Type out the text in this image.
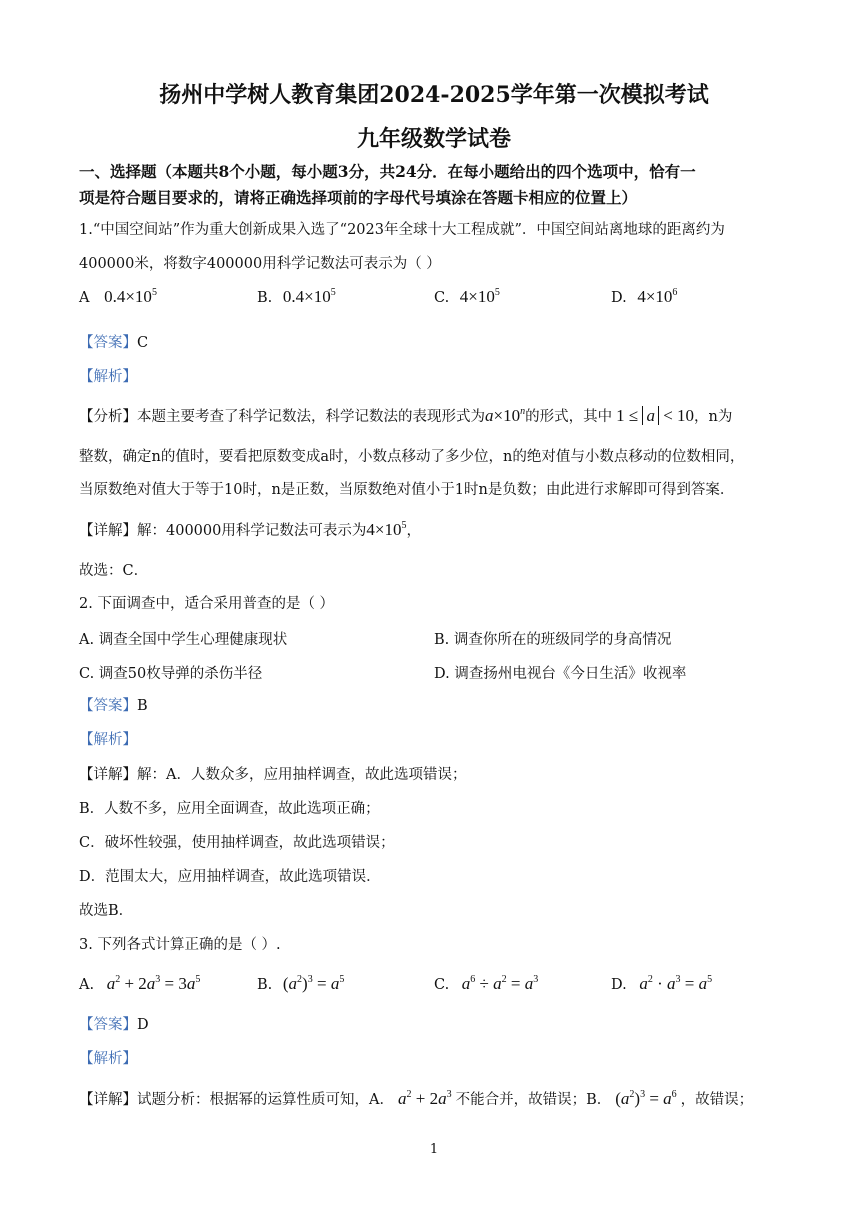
扬州中学树人教育集团2024-2025学年第一次模拟考试
九年级数学试卷
一、选择题（本题共8个小题，每小题3分，共24分．在每小题给出的四个选项中，恰有一
项是符合题目要求的，请将正确选择项前的字母代号填涂在答题卡相应的位置上）
1.“中国空间站”作为重大创新成果入选了“2023年全球十大工程成就”．中国空间站离地球的距离约为
400000米，将数字400000用科学记数法可表示为（ ）
A $0.4\times 10^5$	B. $0.4\times 10^5$	C. $4\times 10^5$	D. $4\times 10^6$
【答案】C
【解析】
【分析】本题主要考查了科学记数法，科学记数法的表现形式为$a\times 10^n$的形式，其中 1 ≤ a < 10，n为
整数，确定n的值时，要看把原数变成a时，小数点移动了多少位，n的绝对值与小数点移动的位数相同，
当原数绝对值大于等于10时，n是正数，当原数绝对值小于1时n是负数；由此进行求解即可得到答案．
【详解】解：400000用科学记数法可表示为$4\times 10^5$，
故选：C．
2. 下面调查中，适合采用普查的是（ ）
A. 调查全国中学生心理健康现状	B. 调查你所在的班级同学的身高情况
C. 调查50枚导弹的杀伤半径	D. 调查扬州电视台《今日生活》收视率
【答案】B
【解析】
【详解】解：A．人数众多，应用抽样调查，故此选项错误；
B．人数不多，应用全面调查，故此选项正确；
C．破坏性较强，使用抽样调查，故此选项错误；
D．范围太大，应用抽样调查，故此选项错误．
故选B．
3. 下列各式计算正确的是（ ）.
A. $a^2 + 2a^3 = 3a^5$	B. $(a^2)^3 = a^5$	C. $a^6 \div a^2 = a^3$	D. $a^2 \cdot a^3 = a^5$
【答案】D
【解析】
【详解】试题分析：根据幂的运算性质可知，A． $a^2 + 2a^3$ 不能合并，故错误；B． $(a^2)^3 = a^6$ ，故错误；
1
